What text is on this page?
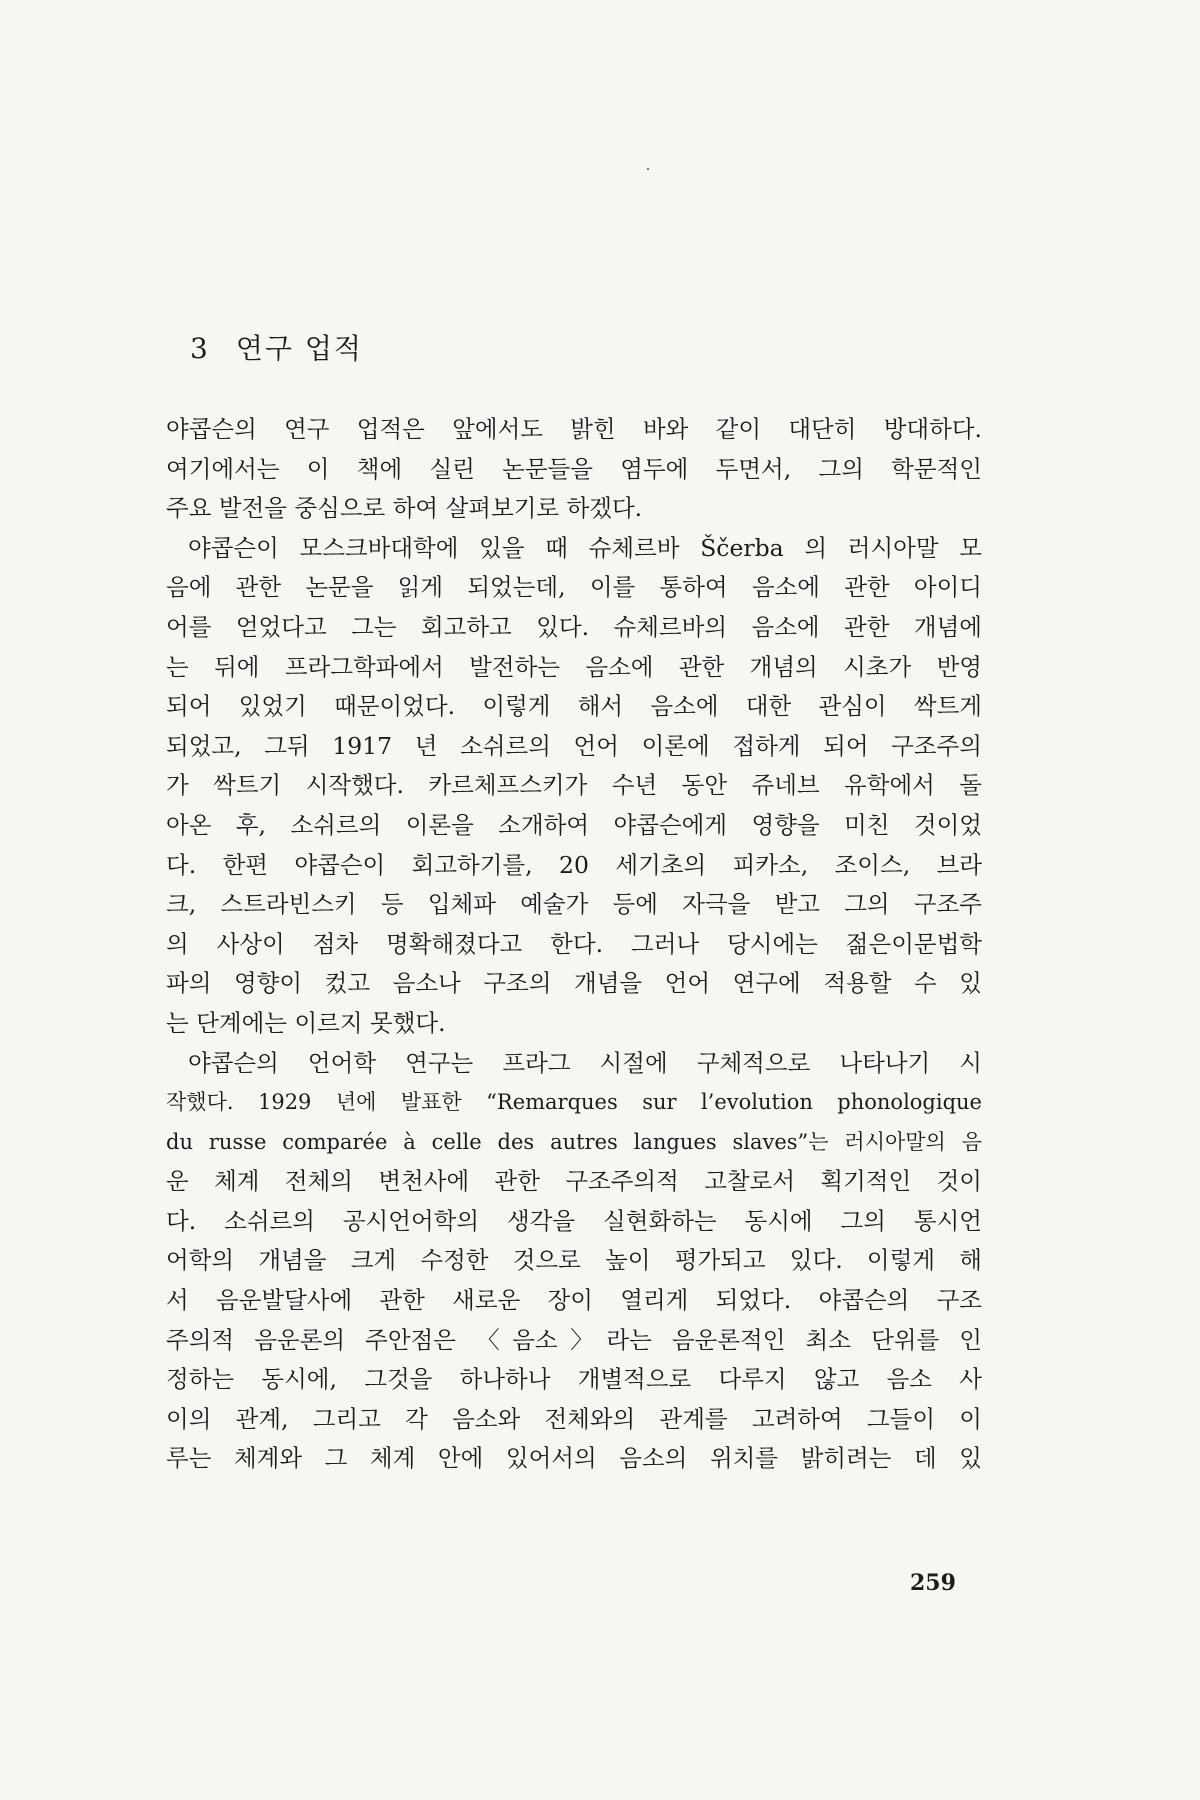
3 연구 업적
야콥슨의 연구 업적은 앞에서도 밝힌 바와 같이 대단히 방대하다.
여기에서는 이 책에 실린 논문들을 염두에 두면서, 그의 학문적인
주요 발전을 중심으로 하여 살펴보기로 하겠다.
야콥슨이 모스크바대학에 있을 때 슈체르바 Ščerba 의 러시아말 모
음에 관한 논문을 읽게 되었는데, 이를 통하여 음소에 관한 아이디
어를 얻었다고 그는 회고하고 있다. 슈체르바의 음소에 관한 개념에
는 뒤에 프라그학파에서 발전하는 음소에 관한 개념의 시초가 반영
되어 있었기 때문이었다. 이렇게 해서 음소에 대한 관심이 싹트게
되었고, 그뒤 1917 년 소쉬르의 언어 이론에 접하게 되어 구조주의
가 싹트기 시작했다. 카르체프스키가 수년 동안 쥬네브 유학에서 돌
아온 후, 소쉬르의 이론을 소개하여 야콥슨에게 영향을 미친 것이었
다. 한편 야콥슨이 회고하기를, 20 세기초의 피카소, 조이스, 브라
크, 스트라빈스키 등 입체파 예술가 등에 자극을 받고 그의 구조주
의 사상이 점차 명확해졌다고 한다. 그러나 당시에는 젊은이문법학
파의 영향이 컸고 음소나 구조의 개념을 언어 연구에 적용할 수 있
는 단계에는 이르지 못했다.
야콥슨의 언어학 연구는 프라그 시절에 구체적으로 나타나기 시
작했다. 1929 년에 발표한 “Remarques sur l’evolution phonologique
du russe comparée à celle des autres langues slaves”는 러시아말의 음
운 체계 전체의 변천사에 관한 구조주의적 고찰로서 획기적인 것이
다. 소쉬르의 공시언어학의 생각을 실현화하는 동시에 그의 통시언
어학의 개념을 크게 수정한 것으로 높이 평가되고 있다. 이렇게 해
서 음운발달사에 관한 새로운 장이 열리게 되었다. 야콥슨의 구조
주의적 음운론의 주안점은 〈음소〉라는 음운론적인 최소 단위를 인
정하는 동시에, 그것을 하나하나 개별적으로 다루지 않고 음소 사
이의 관계, 그리고 각 음소와 전체와의 관계를 고려하여 그들이 이
루는 체계와 그 체계 안에 있어서의 음소의 위치를 밝히려는 데 있
259
